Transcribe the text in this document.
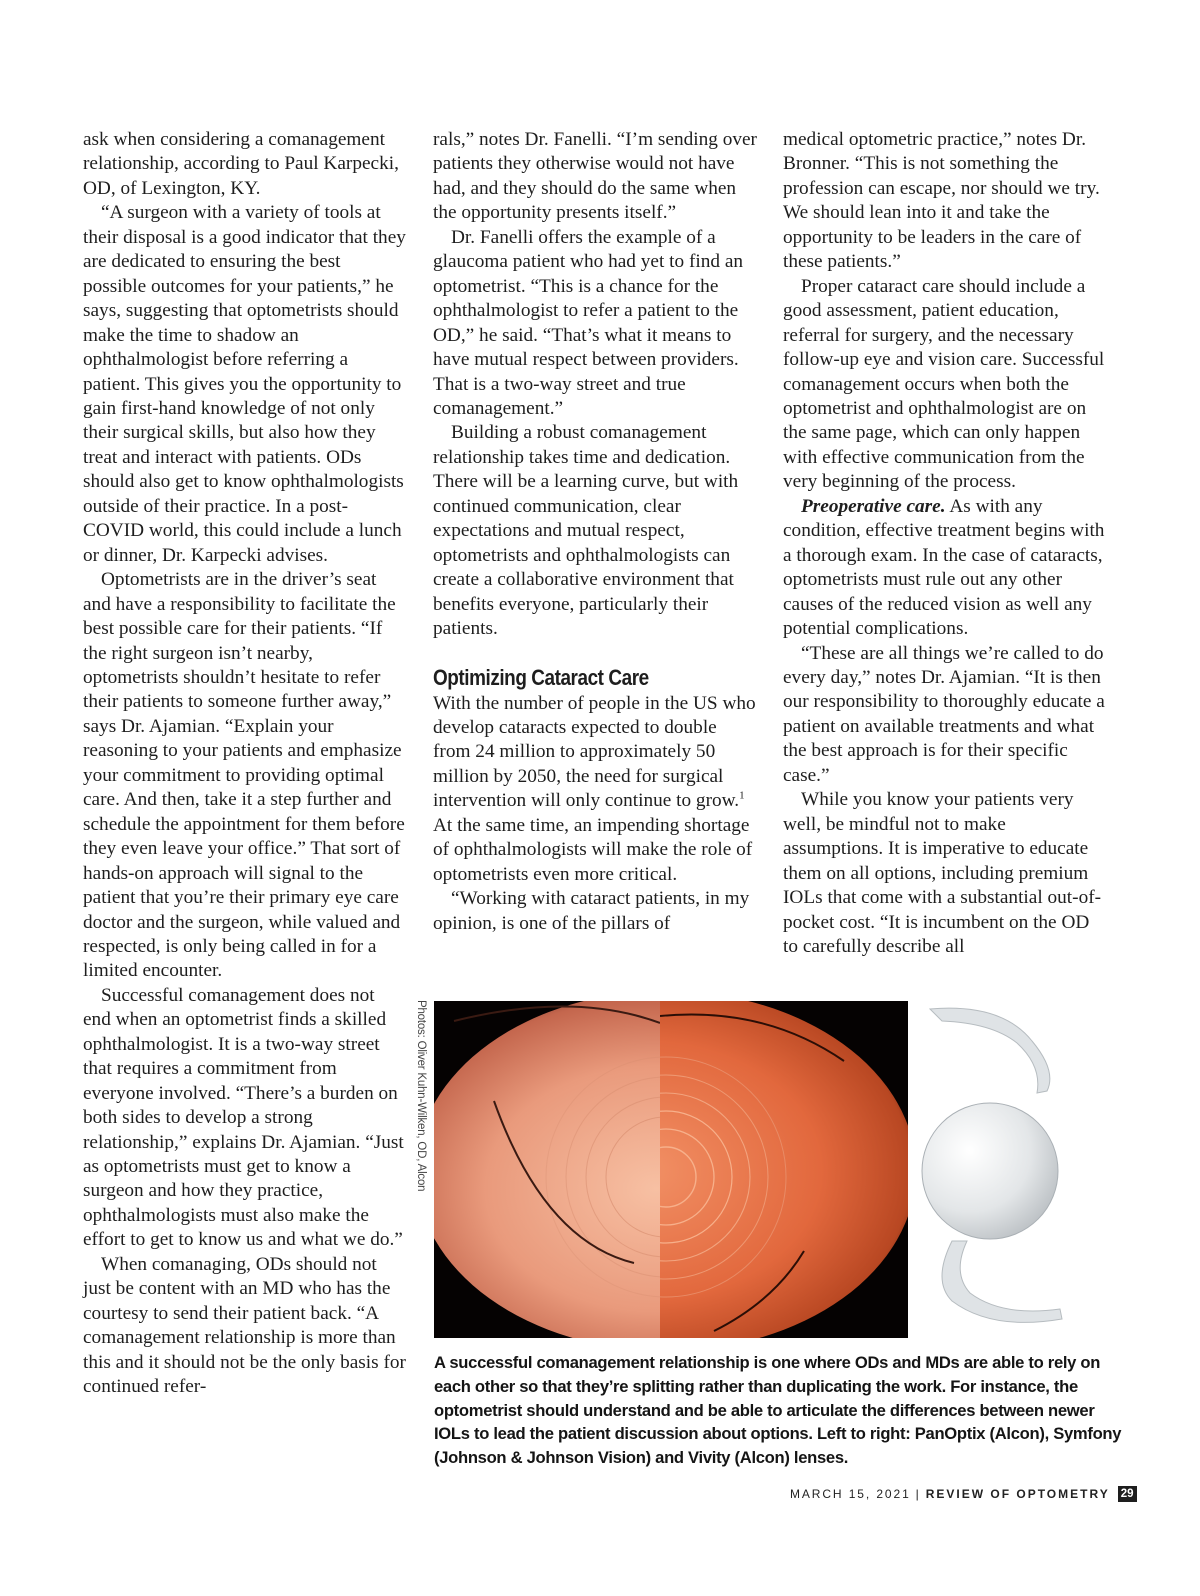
ask when considering a comanagement relationship, according to Paul Karpecki, OD, of Lexington, KY.

“A surgeon with a variety of tools at their disposal is a good indicator that they are dedicated to ensuring the best possible outcomes for your patients,” he says, suggesting that optometrists should make the time to shadow an ophthalmologist before referring a patient. This gives you the opportunity to gain first-hand knowledge of not only their surgical skills, but also how they treat and interact with patients. ODs should also get to know ophthalmologists outside of their practice. In a post-COVID world, this could include a lunch or dinner, Dr. Karpecki advises.

Optometrists are in the driver’s seat and have a responsibility to facilitate the best possible care for their patients. “If the right surgeon isn’t nearby, optometrists shouldn’t hesitate to refer their patients to someone further away,” says Dr. Ajamian. “Explain your reasoning to your patients and emphasize your commitment to providing optimal care. And then, take it a step further and schedule the appointment for them before they even leave your office.” That sort of hands-on approach will signal to the patient that you’re their primary eye care doctor and the surgeon, while valued and respected, is only being called in for a limited encounter.

Successful comanagement does not end when an optometrist finds a skilled ophthalmologist. It is a two-way street that requires a commitment from everyone involved. “There’s a burden on both sides to develop a strong relationship,” explains Dr. Ajamian. “Just as optometrists must get to know a surgeon and how they practice, ophthalmologists must also make the effort to get to know us and what we do.”

When comanaging, ODs should not just be content with an MD who has the courtesy to send their patient back. “A comanagement relationship is more than this and it should not be the only basis for continued refer-

rals,” notes Dr. Fanelli. “I’m sending over patients they otherwise would not have had, and they should do the same when the opportunity presents itself.”

Dr. Fanelli offers the example of a glaucoma patient who had yet to find an optometrist. “This is a chance for the ophthalmologist to refer a patient to the OD,” he said. “That’s what it means to have mutual respect between providers. That is a two-way street and true comanagement.”

Building a robust comanagement relationship takes time and dedication. There will be a learning curve, but with continued communication, clear expectations and mutual respect, optometrists and ophthalmologists can create a collaborative environment that benefits everyone, particularly their patients.

Optimizing Cataract Care

With the number of people in the US who develop cataracts expected to double from 24 million to approximately 50 million by 2050, the need for surgical intervention will only continue to grow.$^1$ At the same time, an impending shortage of ophthalmologists will make the role of optometrists even more critical.

“Working with cataract patients, in my opinion, is one of the pillars of

medical optometric practice,” notes Dr. Bronner. “This is not something the profession can escape, nor should we try. We should lean into it and take the opportunity to be leaders in the care of these patients.”

Proper cataract care should include a good assessment, patient education, referral for surgery, and the necessary follow-up eye and vision care. Successful comanagement occurs when both the optometrist and ophthalmologist are on the same page, which can only happen with effective communication from the very beginning of the process.

Preoperative care. As with any condition, effective treatment begins with a thorough exam. In the case of cataracts, optometrists must rule out any other causes of the reduced vision as well any potential complications.

“These are all things we’re called to do every day,” notes Dr. Ajamian. “It is then our responsibility to thoroughly educate a patient on available treatments and what the best approach is for their specific case.”

While you know your patients very well, be mindful not to make assumptions. It is imperative to educate them on all options, including premium IOLs that come with a substantial out-of-pocket cost. “It is incumbent on the OD to carefully describe all

Photos: Oliver Kuhn-Wilken, OD, Alcon
A successful comanagement relationship is one where ODs and MDs are able to rely on each other so that they’re splitting rather than duplicating the work. For instance, the optometrist should understand and be able to articulate the differences between newer IOLs to lead the patient discussion about options. Left to right: PanOptix (Alcon), Symfony (Johnson & Johnson Vision) and Vivity (Alcon) lenses.
MARCH 15, 2021 | REVIEW OF OPTOMETRY 29
